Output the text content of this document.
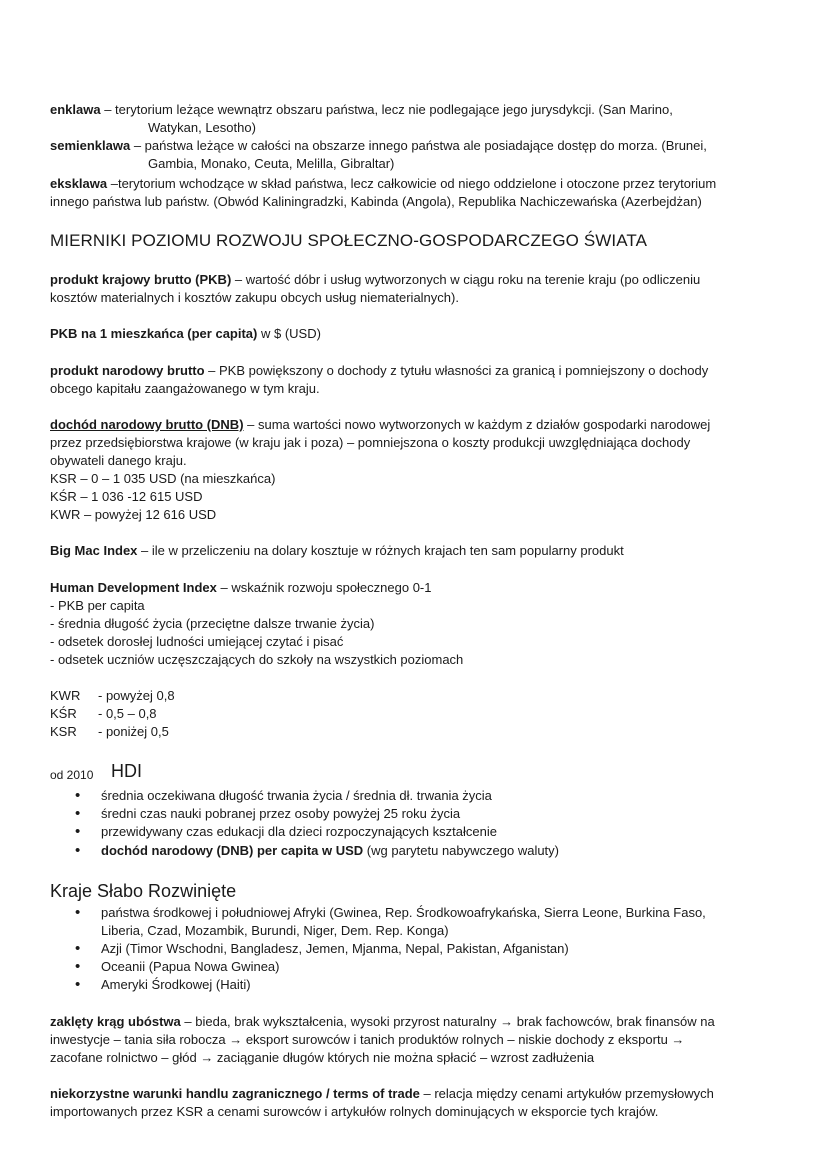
enklawa – terytorium leżące wewnątrz obszaru państwa, lecz nie podlegające jego jurysdykcji. (San Marino,
Watykan, Lesotho)
semienklawa – państwa leżące w całości na obszarze innego państwa ale posiadające dostęp do morza. (Brunei,
Gambia, Monako, Ceuta, Melilla, Gibraltar)
eksklawa –terytorium wchodzące w skład państwa, lecz całkowicie od niego oddzielone i otoczone przez terytorium
innego państwa lub państw. (Obwód Kaliningradzki, Kabinda (Angola), Republika Nachiczewańska (Azerbejdżan)
MIERNIKI POZIOMU ROZWOJU SPOŁECZNO-GOSPODARCZEGO ŚWIATA
produkt krajowy brutto (PKB) – wartość dóbr i usług wytworzonych w ciągu roku na terenie kraju (po odliczeniu
kosztów materialnych i kosztów zakupu obcych usług niematerialnych).
PKB na 1 mieszkańca (per capita) w $ (USD)
produkt narodowy brutto – PKB powiększony o dochody z tytułu własności za granicą i pomniejszony o dochody
obcego kapitału zaangażowanego w tym kraju.
dochód narodowy brutto (DNB) – suma wartości nowo wytworzonych w każdym z działów gospodarki narodowej
przez przedsiębiorstwa krajowe (w kraju jak i poza) – pomniejszona o koszty produkcji uwzględniająca dochody
obywateli danego kraju.
KSR – 0 – 1 035 USD (na mieszkańca)
KŚR – 1 036 -12 615 USD
KWR – powyżej 12 616 USD
Big Mac Index – ile w przeliczeniu na dolary kosztuje w różnych krajach ten sam popularny produkt
Human Development Index – wskaźnik rozwoju społecznego 0-1
- PKB per capita
- średnia długość życia (przeciętne dalsze trwanie życia)
- odsetek dorosłej ludności umiejącej czytać i pisać
- odsetek uczniów uczęszczających do szkoły na wszystkich poziomach
KWR - powyżej 0,8
KŚR - 0,5 – 0,8
KSR - poniżej 0,5
od 2010 HDI
• średnia oczekiwana długość trwania życia / średnia dł. trwania życia
• średni czas nauki pobranej przez osoby powyżej 25 roku życia
• przewidywany czas edukacji dla dzieci rozpoczynających kształcenie
• dochód narodowy (DNB) per capita w USD (wg parytetu nabywczego waluty)
Kraje Słabo Rozwinięte
• państwa środkowej i południowej Afryki (Gwinea, Rep. Środkowoafrykańska, Sierra Leone, Burkina Faso,
Liberia, Czad, Mozambik, Burundi, Niger, Dem. Rep. Konga)
• Azji (Timor Wschodni, Bangladesz, Jemen, Mjanma, Nepal, Pakistan, Afganistan)
• Oceanii (Papua Nowa Gwinea)
• Ameryki Środkowej (Haiti)
zaklęty krąg ubóstwa – bieda, brak wykształcenia, wysoki przyrost naturalny → brak fachowców, brak finansów na
inwestycje – tania siła robocza → eksport surowców i tanich produktów rolnych – niskie dochody z eksportu →
zacofane rolnictwo – głód → zaciąganie długów których nie można spłacić – wzrost zadłużenia
niekorzystne warunki handlu zagranicznego / terms of trade – relacja między cenami artykułów przemysłowych
importowanych przez KSR a cenami surowców i artykułów rolnych dominujących w eksporcie tych krajów.
